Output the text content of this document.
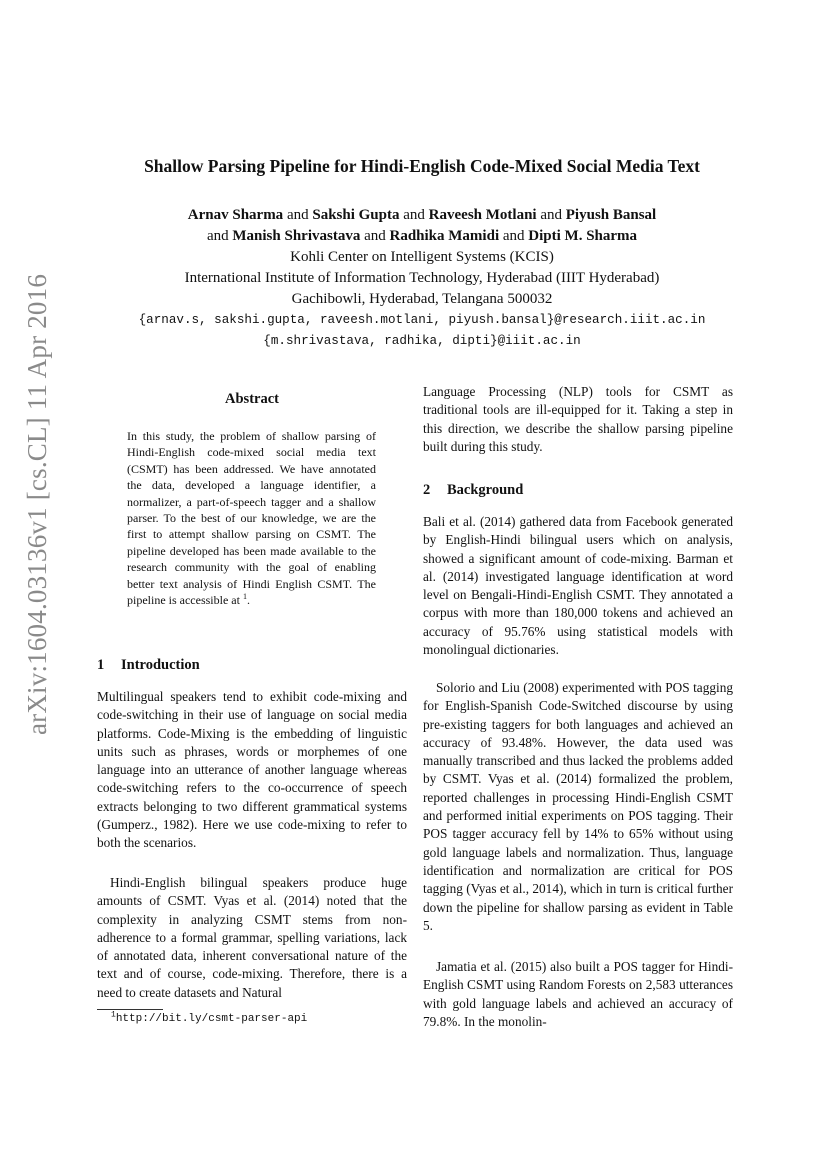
arXiv:1604.03136v1 [cs.CL] 11 Apr 2016
Shallow Parsing Pipeline for Hindi-English Code-Mixed Social Media Text
Arnav Sharma and Sakshi Gupta and Raveesh Motlani and Piyush Bansal
and Manish Shrivastava and Radhika Mamidi and Dipti M. Sharma
Kohli Center on Intelligent Systems (KCIS)
International Institute of Information Technology, Hyderabad (IIIT Hyderabad)
Gachibowli, Hyderabad, Telangana 500032
{arnav.s, sakshi.gupta, raveesh.motlani, piyush.bansal}@research.iiit.ac.in
{m.shrivastava, radhika, dipti}@iiit.ac.in
Abstract

In this study, the problem of shallow parsing of Hindi-English code-mixed social media text (CSMT) has been addressed. We have annotated the data, developed a language identifier, a normalizer, a part-of-speech tagger and a shallow parser. To the best of our knowledge, we are the first to attempt shallow parsing on CSMT. The pipeline developed has been made available to the research community with the goal of enabling better text analysis of Hindi English CSMT. The pipeline is accessible at $^1$.

1 Introduction

Multilingual speakers tend to exhibit code-mixing and code-switching in their use of language on social media platforms. Code-Mixing is the embedding of linguistic units such as phrases, words or morphemes of one language into an utterance of another language whereas code-switching refers to the co-occurrence of speech extracts belonging to two different grammatical systems (Gumperz., 1982). Here we use code-mixing to refer to both the scenarios.

Hindi-English bilingual speakers produce huge amounts of CSMT. Vyas et al. (2014) noted that the complexity in analyzing CSMT stems from non-adherence to a formal grammar, spelling variations, lack of annotated data, inherent conversational nature of the text and of course, code-mixing. Therefore, there is a need to create datasets and Natural

$^1$http://bit.ly/csmt-parser-api

Language Processing (NLP) tools for CSMT as traditional tools are ill-equipped for it. Taking a step in this direction, we describe the shallow parsing pipeline built during this study.

2 Background

Bali et al. (2014) gathered data from Facebook generated by English-Hindi bilingual users which on analysis, showed a significant amount of code-mixing. Barman et al. (2014) investigated language identification at word level on Bengali-Hindi-English CSMT. They annotated a corpus with more than 180,000 tokens and achieved an accuracy of 95.76% using statistical models with monolingual dictionaries.

Solorio and Liu (2008) experimented with POS tagging for English-Spanish Code-Switched discourse by using pre-existing taggers for both languages and achieved an accuracy of 93.48%. However, the data used was manually transcribed and thus lacked the problems added by CSMT. Vyas et al. (2014) formalized the problem, reported challenges in processing Hindi-English CSMT and performed initial experiments on POS tagging. Their POS tagger accuracy fell by 14% to 65% without using gold language labels and normalization. Thus, language identification and normalization are critical for POS tagging (Vyas et al., 2014), which in turn is critical further down the pipeline for shallow parsing as evident in Table 5.

Jamatia et al. (2015) also built a POS tagger for Hindi-English CSMT using Random Forests on 2,583 utterances with gold language labels and achieved an accuracy of 79.8%. In the monolin-
